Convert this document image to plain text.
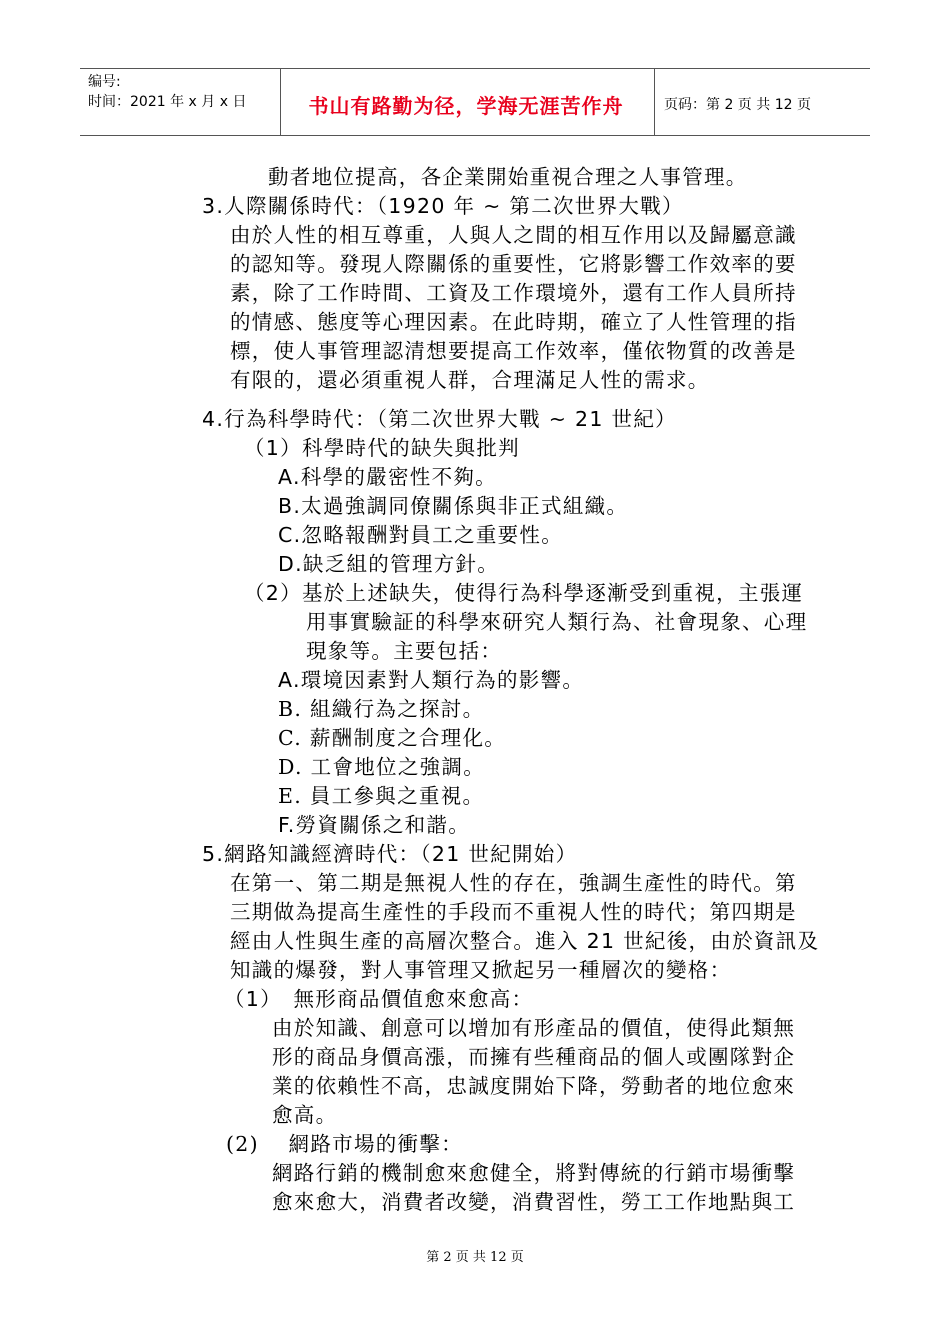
编号:
时间：2021 年 x 月 x 日	书山有路勤为径，学海无涯苦作舟	页码：第 2 页 共 12 页
動者地位提高，各企業開始重視合理之人事管理。
3.人際關係時代：（1920 年 ~ 第二次世界大戰）
由於人性的相互尊重，人與人之間的相互作用以及歸屬意識
的認知等。發現人際關係的重要性，它將影響工作效率的要
素，除了工作時間、工資及工作環境外，還有工作人員所持
的情感、態度等心理因素。在此時期，確立了人性管理的指
標，使人事管理認清想要提高工作效率，僅依物質的改善是
有限的，還必須重視人群，合理滿足人性的需求。
4.行為科學時代：（第二次世界大戰 ~ 21 世紀）
（1）科學時代的缺失與批判
A.科學的嚴密性不夠。
B.太過強調同僚關係與非正式組織。
C.忽略報酬對員工之重要性。
D.缺乏組的管理方針。
（2）基於上述缺失，使得行為科學逐漸受到重視，主張運
用事實驗証的科學來研究人類行為、社會現象、心理
現象等。主要包括：
A.環境因素對人類行為的影響。
B. 組織行為之探討。
C. 薪酬制度之合理化。
D. 工會地位之強調。
E. 員工參與之重視。
F.勞資關係之和諧。
5.網路知識經濟時代：（21 世紀開始）
在第一、第二期是無視人性的存在，強調生產性的時代。第
三期做為提高生產性的手段而不重視人性的時代；第四期是
經由人性與生產的高層次整合。進入 21 世紀後，由於資訊及
知識的爆發，對人事管理又掀起另一種層次的變格：
（1）　無形商品價值愈來愈高：
由於知識、創意可以增加有形產品的價值，使得此類無
形的商品身價高漲，而擁有些種商品的個人或團隊對企
業的依賴性不高，忠誠度開始下降，勞動者的地位愈來
愈高。
(2)　 網路市場的衝擊：
網路行銷的機制愈來愈健全，將對傳統的行銷市場衝擊
愈來愈大，消費者改變，消費習性，勞工工作地點與工
第 2 页 共 12 页
